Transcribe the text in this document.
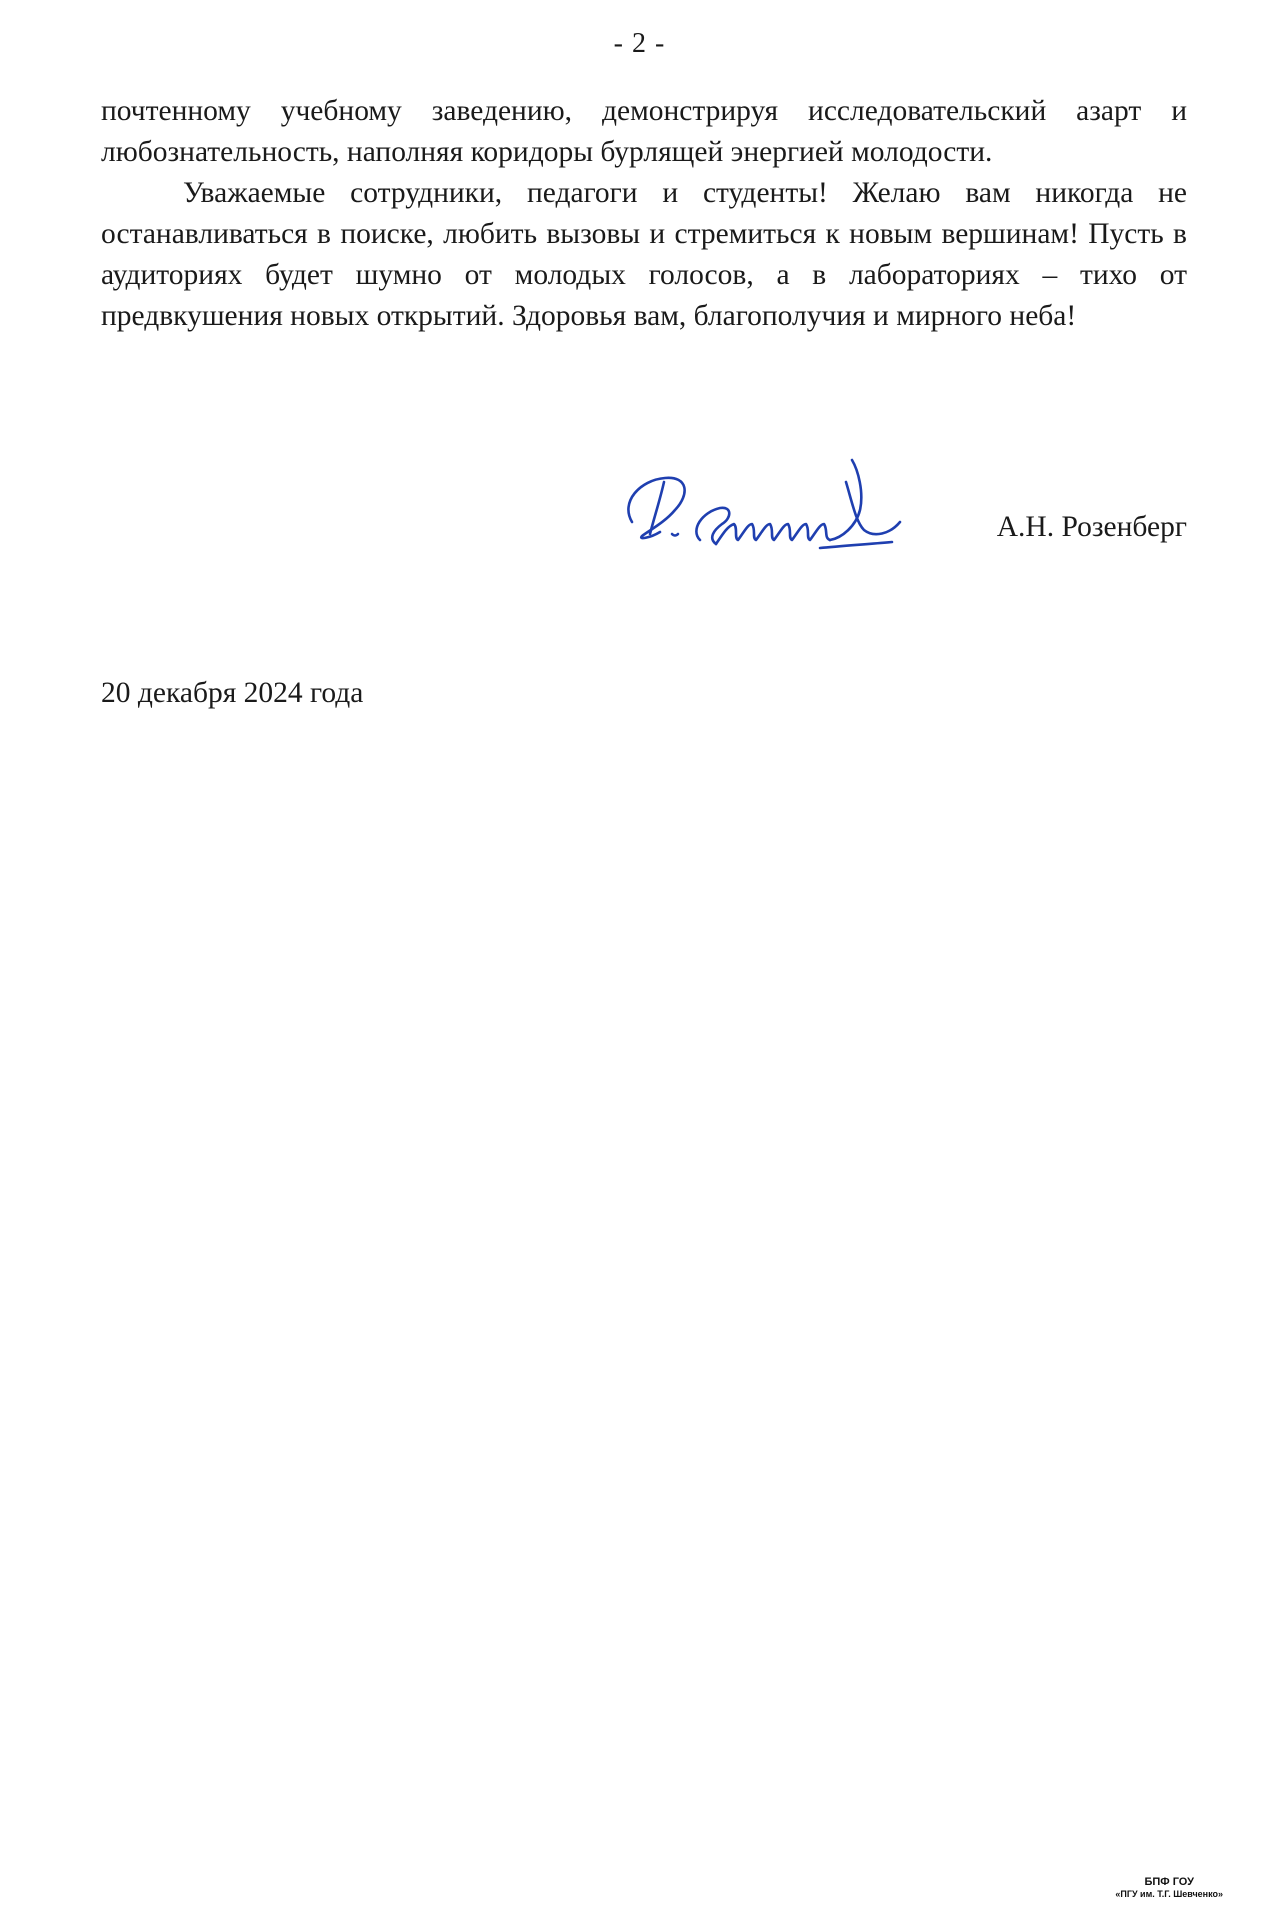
- 2 -

почтенному учебному заведению, демонстрируя исследовательский азарт и любознательность, наполняя коридоры бурлящей энергией молодости.

Уважаемые сотрудники, педагоги и студенты! Желаю вам никогда не останавливаться в поиске, любить вызовы и стремиться к новым вершинам! Пусть в аудиториях будет шумно от молодых голосов, а в лабораториях – тихо от предвкушения новых открытий. Здоровья вам, благополучия и мирного неба!

А.Н. Розенберг
20 декабря 2024 года
БПФ ГОУ
«ПГУ им. Т.Г. Шевченко»
